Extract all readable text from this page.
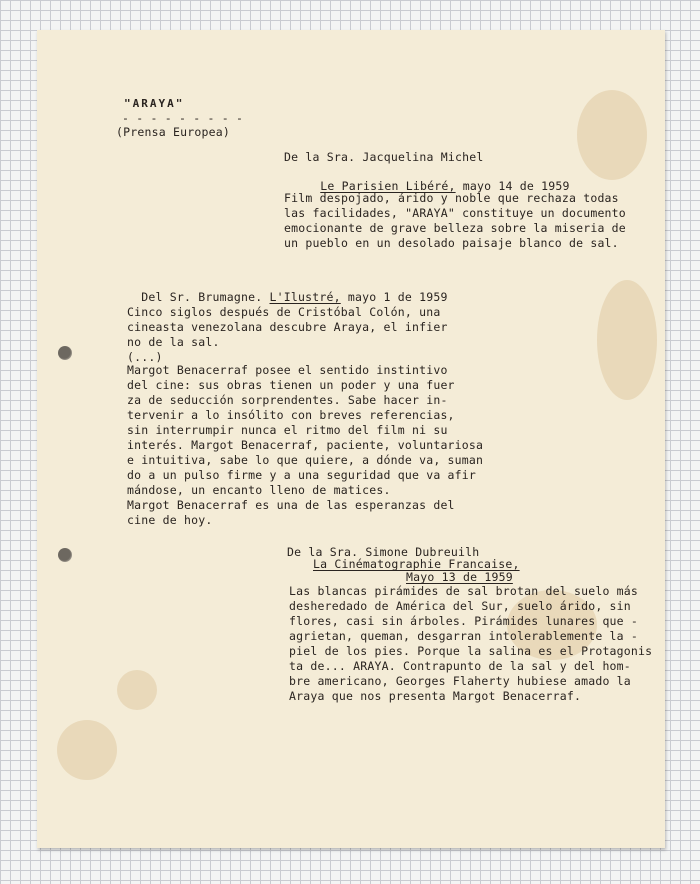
"ARAYA"
- - - - - - - - -
(Prensa Europea)
De la Sra. Jacquelina Michel

Le Parisien Libéré, mayo 14 de 1959

Film despojado, árido y noble que rechaza todas
las facilidades, "ARAYA" constituye un documento
emocionante de grave belleza sobre la miseria de
un pueblo en un desolado paisaje blanco de sal.

Del Sr. Brumagne. L'Ilustré, mayo 1 de 1959

Cinco siglos después de Cristóbal Colón, una
cineasta venezolana descubre Araya, el infier
no de la sal.
(...)
Margot Benacerraf posee el sentido instintivo
del cine: sus obras tienen un poder y una fuer
za de seducción sorprendentes. Sabe hacer in-
tervenir a lo insólito con breves referencias,
sin interrumpir nunca el ritmo del film ni su
interés. Margot Benacerraf, paciente, voluntariosa
e intuitiva, sabe lo que quiere, a dónde va, suman
do a un pulso firme y a una seguridad que va afir
mándose, un encanto lleno de matices.
Margot Benacerraf es una de las esperanzas del
cine de hoy.
De la Sra. Simone Dubreuilh
La Cinématographie Francaise,
Mayo 13 de 1959
Las blancas pirámides de sal brotan del suelo más
desheredado de América del Sur, suelo árido, sin
flores, casi sin árboles. Pirámides lunares que -
agrietan, queman, desgarran intolerablemente la -
piel de los pies. Porque la salina es el Protagonis
ta de... ARAYA. Contrapunto de la sal y del hom-
bre americano, Georges Flaherty hubiese amado la
Araya que nos presenta Margot Benacerraf.
